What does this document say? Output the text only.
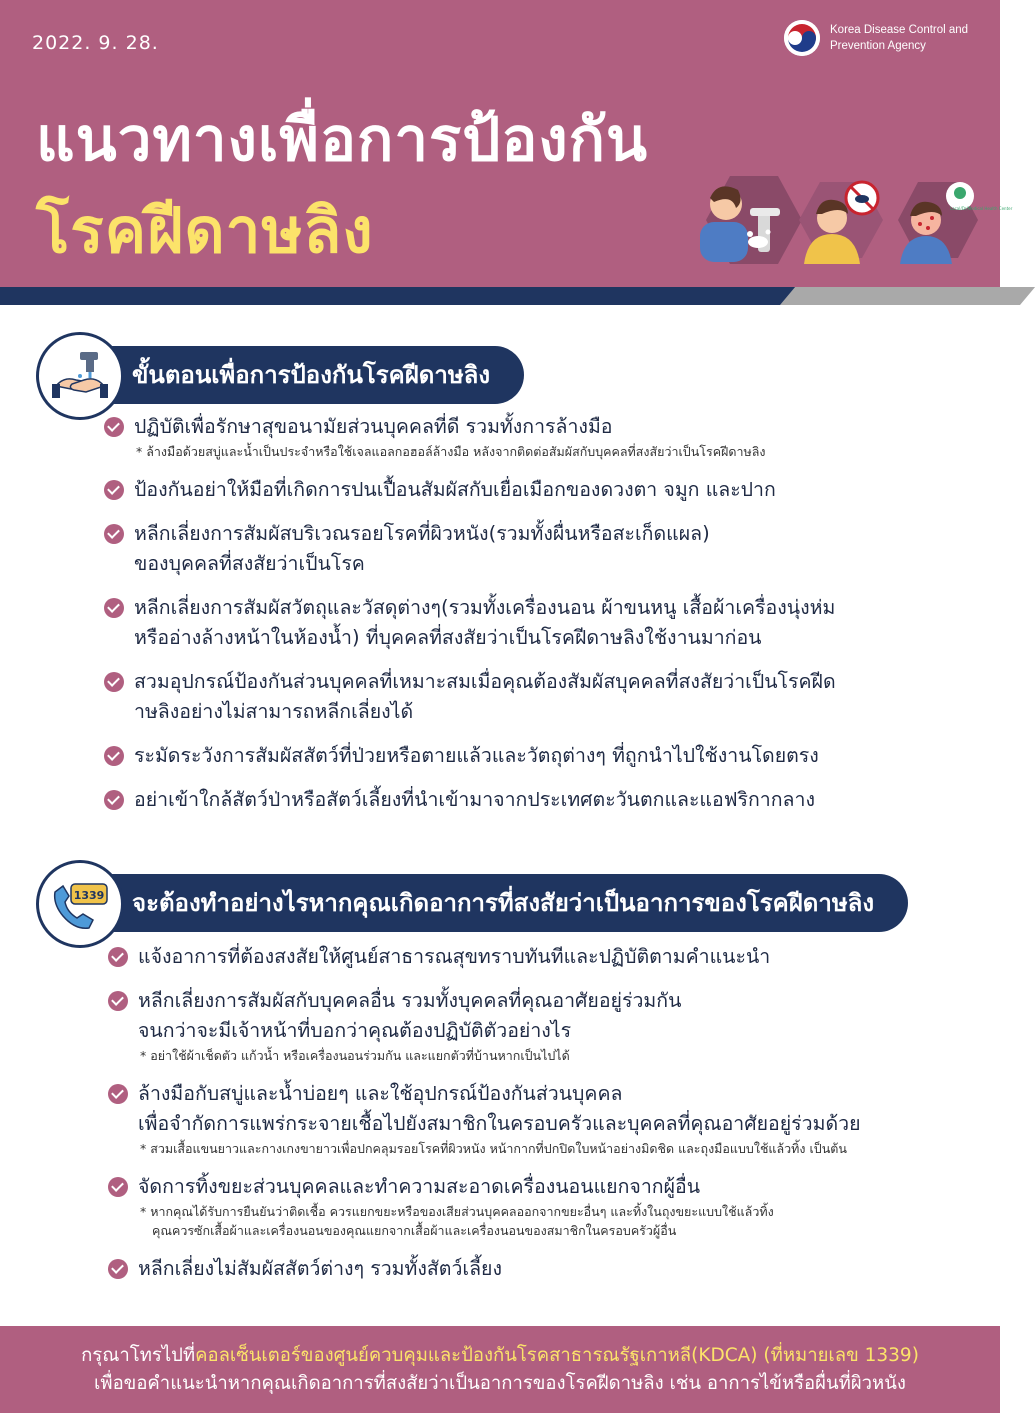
2022. 9. 28.
Korea Disease Control and
Prevention Agency
แนวทางเพื่อการป้องกัน
โรคฝีดาษลิง	Local/Dr/Medical Health Center
ขั้นตอนเพื่อการป้องกันโรคฝีดาษลิง
ปฏิบัติเพื่อรักษาสุขอนามัยส่วนบุคคลที่ดี รวมทั้งการล้างมือ
* ล้างมือด้วยสบู่และน้ำเป็นประจำหรือใช้เจลแอลกอฮอล์ล้างมือ หลังจากติดต่อสัมผัสกับบุคคลที่สงสัยว่าเป็นโรคฝีดาษลิง
ป้องกันอย่าให้มือที่เกิดการปนเปื้อนสัมผัสกับเยื่อเมือกของดวงตา จมูก และปาก
หลีกเลี่ยงการสัมผัสบริเวณรอยโรคที่ผิวหนัง(รวมทั้งผื่นหรือสะเก็ดแผล)
ของบุคคลที่สงสัยว่าเป็นโรค
หลีกเลี่ยงการสัมผัสวัตถุและวัสดุต่างๆ(รวมทั้งเครื่องนอน ผ้าขนหนู เสื้อผ้าเครื่องนุ่งห่ม
หรืออ่างล้างหน้าในห้องน้ำ) ที่บุคคลที่สงสัยว่าเป็นโรคฝีดาษลิงใช้งานมาก่อน
สวมอุปกรณ์ป้องกันส่วนบุคคลที่เหมาะสมเมื่อคุณต้องสัมผัสบุคคลที่สงสัยว่าเป็นโรคฝีด
าษลิงอย่างไม่สามารถหลีกเลี่ยงได้
ระมัดระวังการสัมผัสสัตว์ที่ป่วยหรือตายแล้วและวัตถุต่างๆ ที่ถูกนำไปใช้งานโดยตรง
อย่าเข้าใกล้สัตว์ป่าหรือสัตว์เลี้ยงที่นำเข้ามาจากประเทศตะวันตกและแอฟริกากลาง
1339	จะต้องทำอย่างไรหากคุณเกิดอาการที่สงสัยว่าเป็นอาการของโรคฝีดาษลิง
แจ้งอาการที่ต้องสงสัยให้ศูนย์สาธารณสุขทราบทันทีและปฏิบัติตามคำแนะนำ
หลีกเลี่ยงการสัมผัสกับบุคคลอื่น รวมทั้งบุคคลที่คุณอาศัยอยู่ร่วมกัน
จนกว่าจะมีเจ้าหน้าที่บอกว่าคุณต้องปฏิบัติตัวอย่างไร
* อย่าใช้ผ้าเช็ดตัว แก้วน้ำ หรือเครื่องนอนร่วมกัน และแยกตัวที่บ้านหากเป็นไปได้
ล้างมือกับสบู่และน้ำบ่อยๆ และใช้อุปกรณ์ป้องกันส่วนบุคคล
เพื่อจำกัดการแพร่กระจายเชื้อไปยังสมาชิกในครอบครัวและบุคคลที่คุณอาศัยอยู่ร่วมด้วย
* สวมเสื้อแขนยาวและกางเกงขายาวเพื่อปกคลุมรอยโรคที่ผิวหนัง หน้ากากที่ปกปิดใบหน้าอย่างมิดชิด และถุงมือแบบใช้แล้วทิ้ง เป็นต้น
จัดการทิ้งขยะส่วนบุคคลและทำความสะอาดเครื่องนอนแยกจากผู้อื่น
* หากคุณได้รับการยืนยันว่าติดเชื้อ ควรแยกขยะหรือของเสียส่วนบุคคลออกจากขยะอื่นๆ และทิ้งในถุงขยะแบบใช้แล้วทิ้ง
คุณควรซักเสื้อผ้าและเครื่องนอนของคุณแยกจากเสื้อผ้าและเครื่องนอนของสมาชิกในครอบครัวผู้อื่น
หลีกเลี่ยงไม่สัมผัสสัตว์ต่างๆ รวมทั้งสัตว์เลี้ยง
กรุณาโทรไปที่คอลเซ็นเตอร์ของศูนย์ควบคุมและป้องกันโรคสาธารณรัฐเกาหลี(KDCA) (ที่หมายเลข 1339)
เพื่อขอคำแนะนำหากคุณเกิดอาการที่สงสัยว่าเป็นอาการของโรคฝีดาษลิง เช่น อาการไข้หรือผื่นที่ผิวหนัง
